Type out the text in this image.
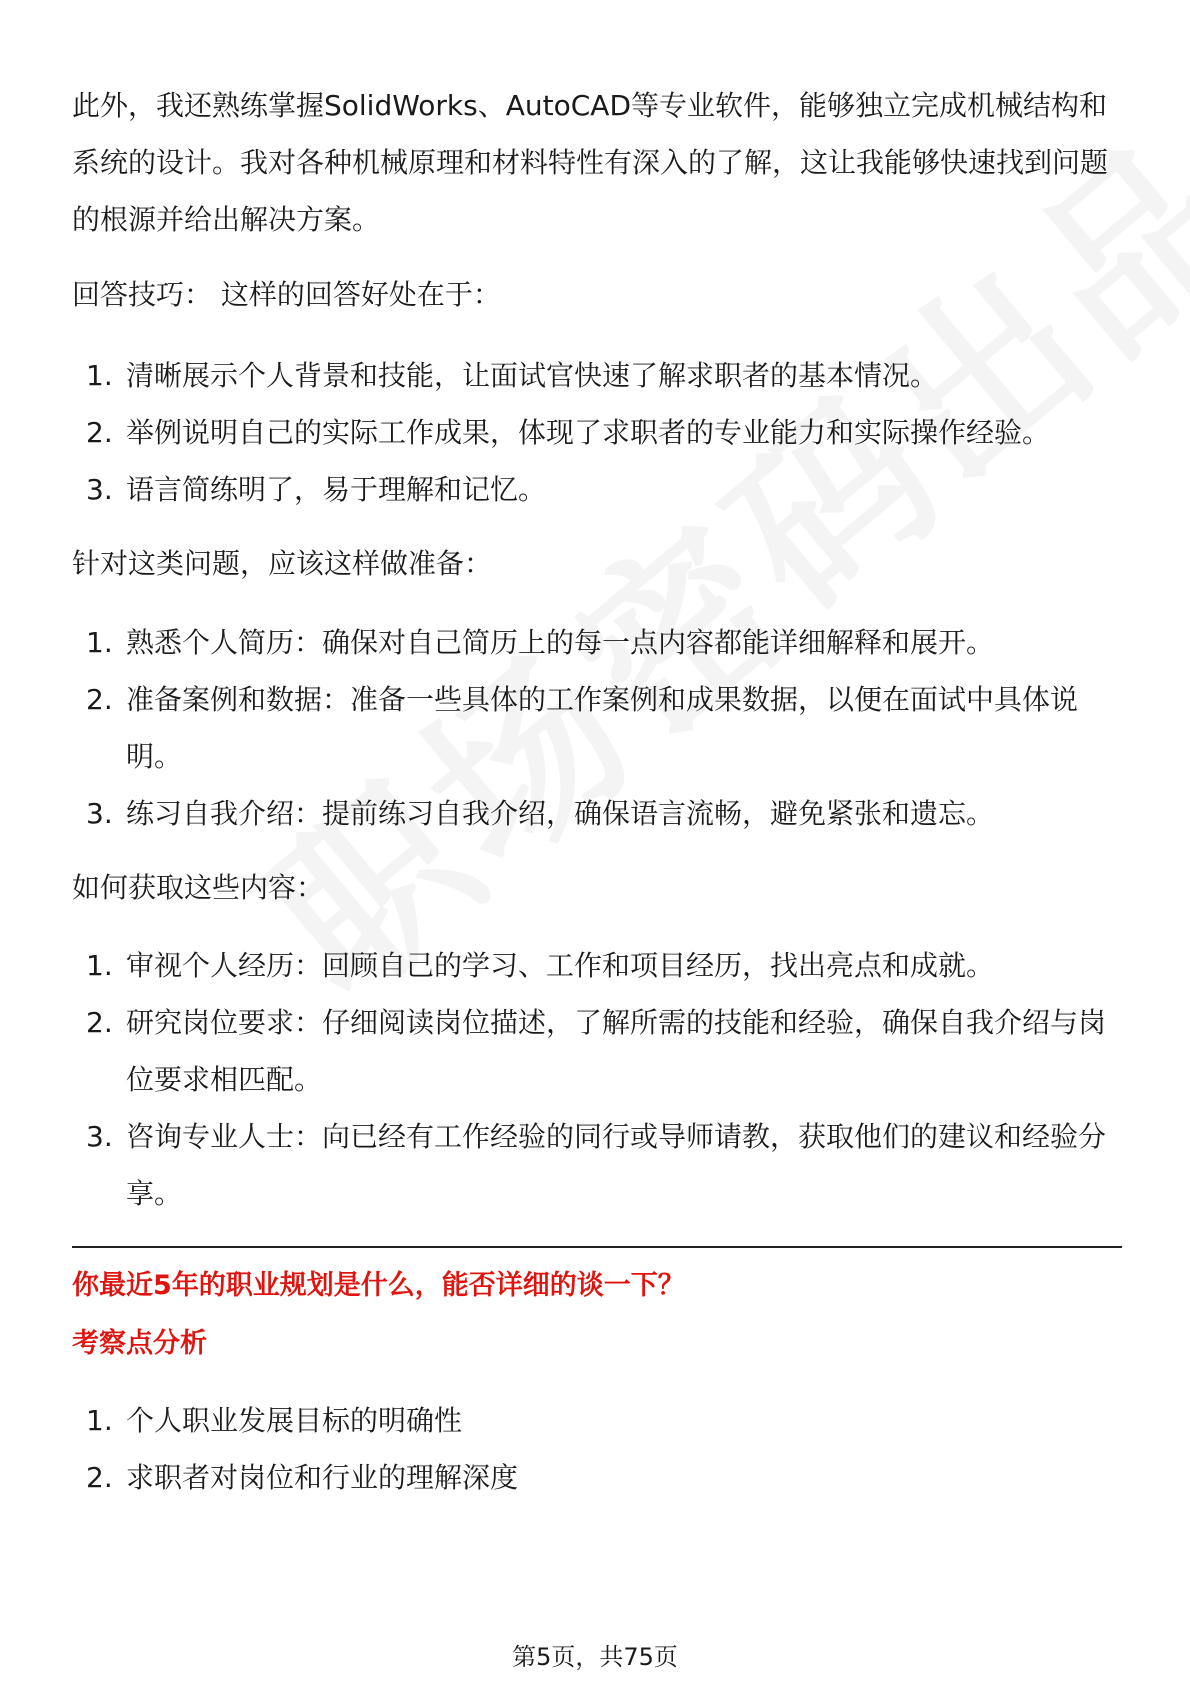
此外，我还熟练掌握SolidWorks、AutoCAD等专业软件，能够独立完成机械结构和系统的设计。我对各种机械原理和材料特性有深入的了解，这让我能够快速找到问题的根源并给出解决方案。

回答技巧： 这样的回答好处在于：

1. 清晰展示个人背景和技能，让面试官快速了解求职者的基本情况。
2. 举例说明自己的实际工作成果，体现了求职者的专业能力和实际操作经验。
3. 语言简练明了，易于理解和记忆。

针对这类问题，应该这样做准备：

1. 熟悉个人简历：确保对自己简历上的每一点内容都能详细解释和展开。
2. 准备案例和数据：准备一些具体的工作案例和成果数据，以便在面试中具体说明。
3. 练习自我介绍：提前练习自我介绍，确保语言流畅，避免紧张和遗忘。

如何获取这些内容：

1. 审视个人经历：回顾自己的学习、工作和项目经历，找出亮点和成就。
2. 研究岗位要求：仔细阅读岗位描述，了解所需的技能和经验，确保自我介绍与岗位要求相匹配。
3. 咨询专业人士：向已经有工作经验的同行或导师请教，获取他们的建议和经验分享。

你最近5年的职业规划是什么，能否详细的谈一下？

考察点分析

1. 个人职业发展目标的明确性
2. 求职者对岗位和行业的理解深度
第5页，共75页
